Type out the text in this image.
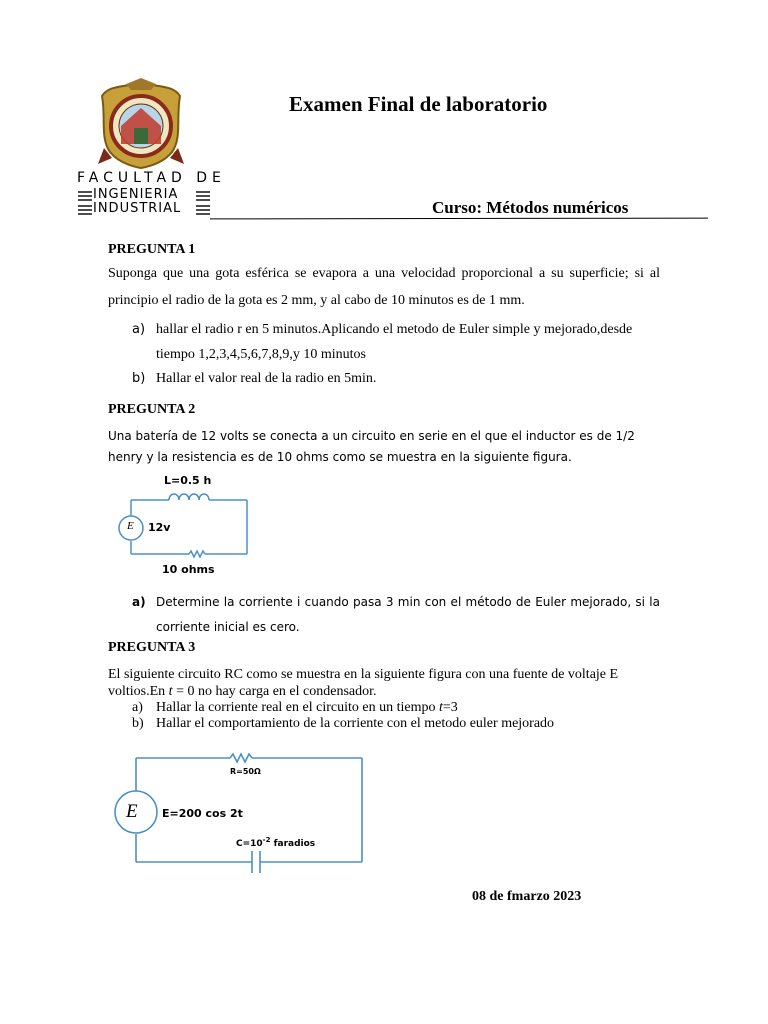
FACULTAD DE
INGENIERIA
INDUSTRIAL
Examen Final de laboratorio
Curso: Métodos numéricos
PREGUNTA 1
Suponga que una gota esférica se evapora a una velocidad proporcional a su superficie; si al principio el radio de la gota es 2 mm, y al cabo de 10 minutos es de 1 mm.
a) hallar el radio r en 5 minutos.Aplicando el metodo de Euler simple y mejorado,desde tiempo 1,2,3,4,5,6,7,8,9,y 10 minutos
b) Hallar el valor real de la radio en 5min.
PREGUNTA 2
Una batería de 12 volts se conecta a un circuito en serie en el que el inductor es de 1/2 henry y la resistencia es de 10 ohms como se muestra en la siguiente figura.
L=0.5 h
E 12v
10 ohms
a) Determine la corriente i cuando pasa 3 min con el método de Euler mejorado, si la corriente inicial es cero.
PREGUNTA 3
El siguiente circuito RC como se muestra en la siguiente figura con una fuente de voltaje E
voltios.En t = 0 no hay carga en el condensador.
a) Hallar la corriente real en el circuito en un tiempo t=3
b) Hallar el comportamiento de la corriente con el metodo euler mejorado
R=50Ω
E E=200 cos 2t
$C=10^{-2}$ faradios
08 de fmarzo 2023
